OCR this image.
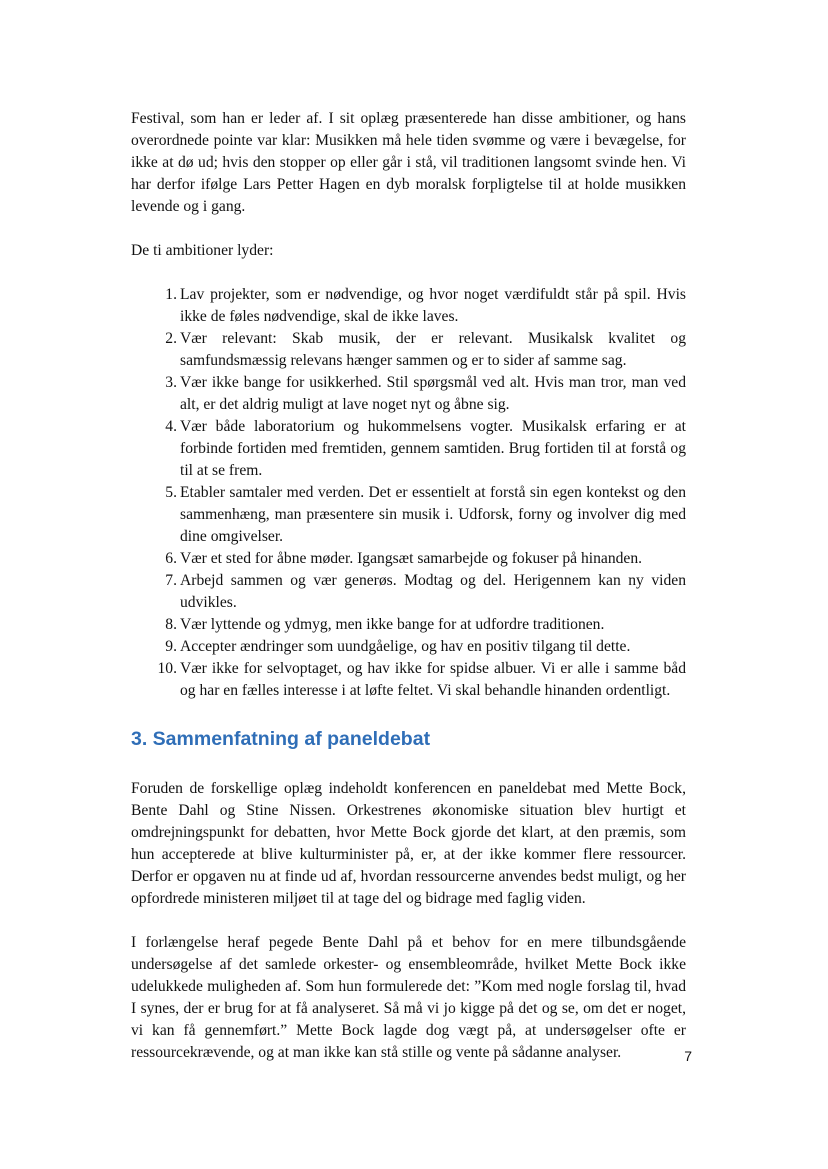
Festival, som han er leder af. I sit oplæg præsenterede han disse ambitioner, og hans overordnede pointe var klar: Musikken må hele tiden svømme og være i bevægelse, for ikke at dø ud; hvis den stopper op eller går i stå, vil traditionen langsomt svinde hen. Vi har derfor ifølge Lars Petter Hagen en dyb moralsk forpligtelse til at holde musikken levende og i gang.

De ti ambitioner lyder:

1. Lav projekter, som er nødvendige, og hvor noget værdifuldt står på spil. Hvis ikke de føles nødvendige, skal de ikke laves.
2. Vær relevant: Skab musik, der er relevant. Musikalsk kvalitet og samfundsmæssig relevans hænger sammen og er to sider af samme sag.
3. Vær ikke bange for usikkerhed. Stil spørgsmål ved alt. Hvis man tror, man ved alt, er det aldrig muligt at lave noget nyt og åbne sig.
4. Vær både laboratorium og hukommelsens vogter. Musikalsk erfaring er at forbinde fortiden med fremtiden, gennem samtiden. Brug fortiden til at forstå og til at se frem.
5. Etabler samtaler med verden. Det er essentielt at forstå sin egen kontekst og den sammenhæng, man præsentere sin musik i. Udforsk, forny og involver dig med dine omgivelser.
6. Vær et sted for åbne møder. Igangsæt samarbejde og fokuser på hinanden.
7. Arbejd sammen og vær generøs. Modtag og del. Herigennem kan ny viden udvikles.
8. Vær lyttende og ydmyg, men ikke bange for at udfordre traditionen.
9. Accepter ændringer som uundgåelige, og hav en positiv tilgang til dette.
10. Vær ikke for selvoptaget, og hav ikke for spidse albuer. Vi er alle i samme båd og har en fælles interesse i at løfte feltet. Vi skal behandle hinanden ordentligt.
3. Sammenfatning af paneldebat

Foruden de forskellige oplæg indeholdt konferencen en paneldebat med Mette Bock, Bente Dahl og Stine Nissen. Orkestrenes økonomiske situation blev hurtigt et omdrejningspunkt for debatten, hvor Mette Bock gjorde det klart, at den præmis, som hun accepterede at blive kulturminister på, er, at der ikke kommer flere ressourcer. Derfor er opgaven nu at finde ud af, hvordan ressourcerne anvendes bedst muligt, og her opfordrede ministeren miljøet til at tage del og bidrage med faglig viden.

I forlængelse heraf pegede Bente Dahl på et behov for en mere tilbundsgående undersøgelse af det samlede orkester- og ensembleområde, hvilket Mette Bock ikke udelukkede muligheden af. Som hun formulerede det: ”Kom med nogle forslag til, hvad I synes, der er brug for at få analyseret. Så må vi jo kigge på det og se, om det er noget, vi kan få gennemført.” Mette Bock lagde dog vægt på, at undersøgelser ofte er ressourcekrævende, og at man ikke kan stå stille og vente på sådanne analyser.	7
